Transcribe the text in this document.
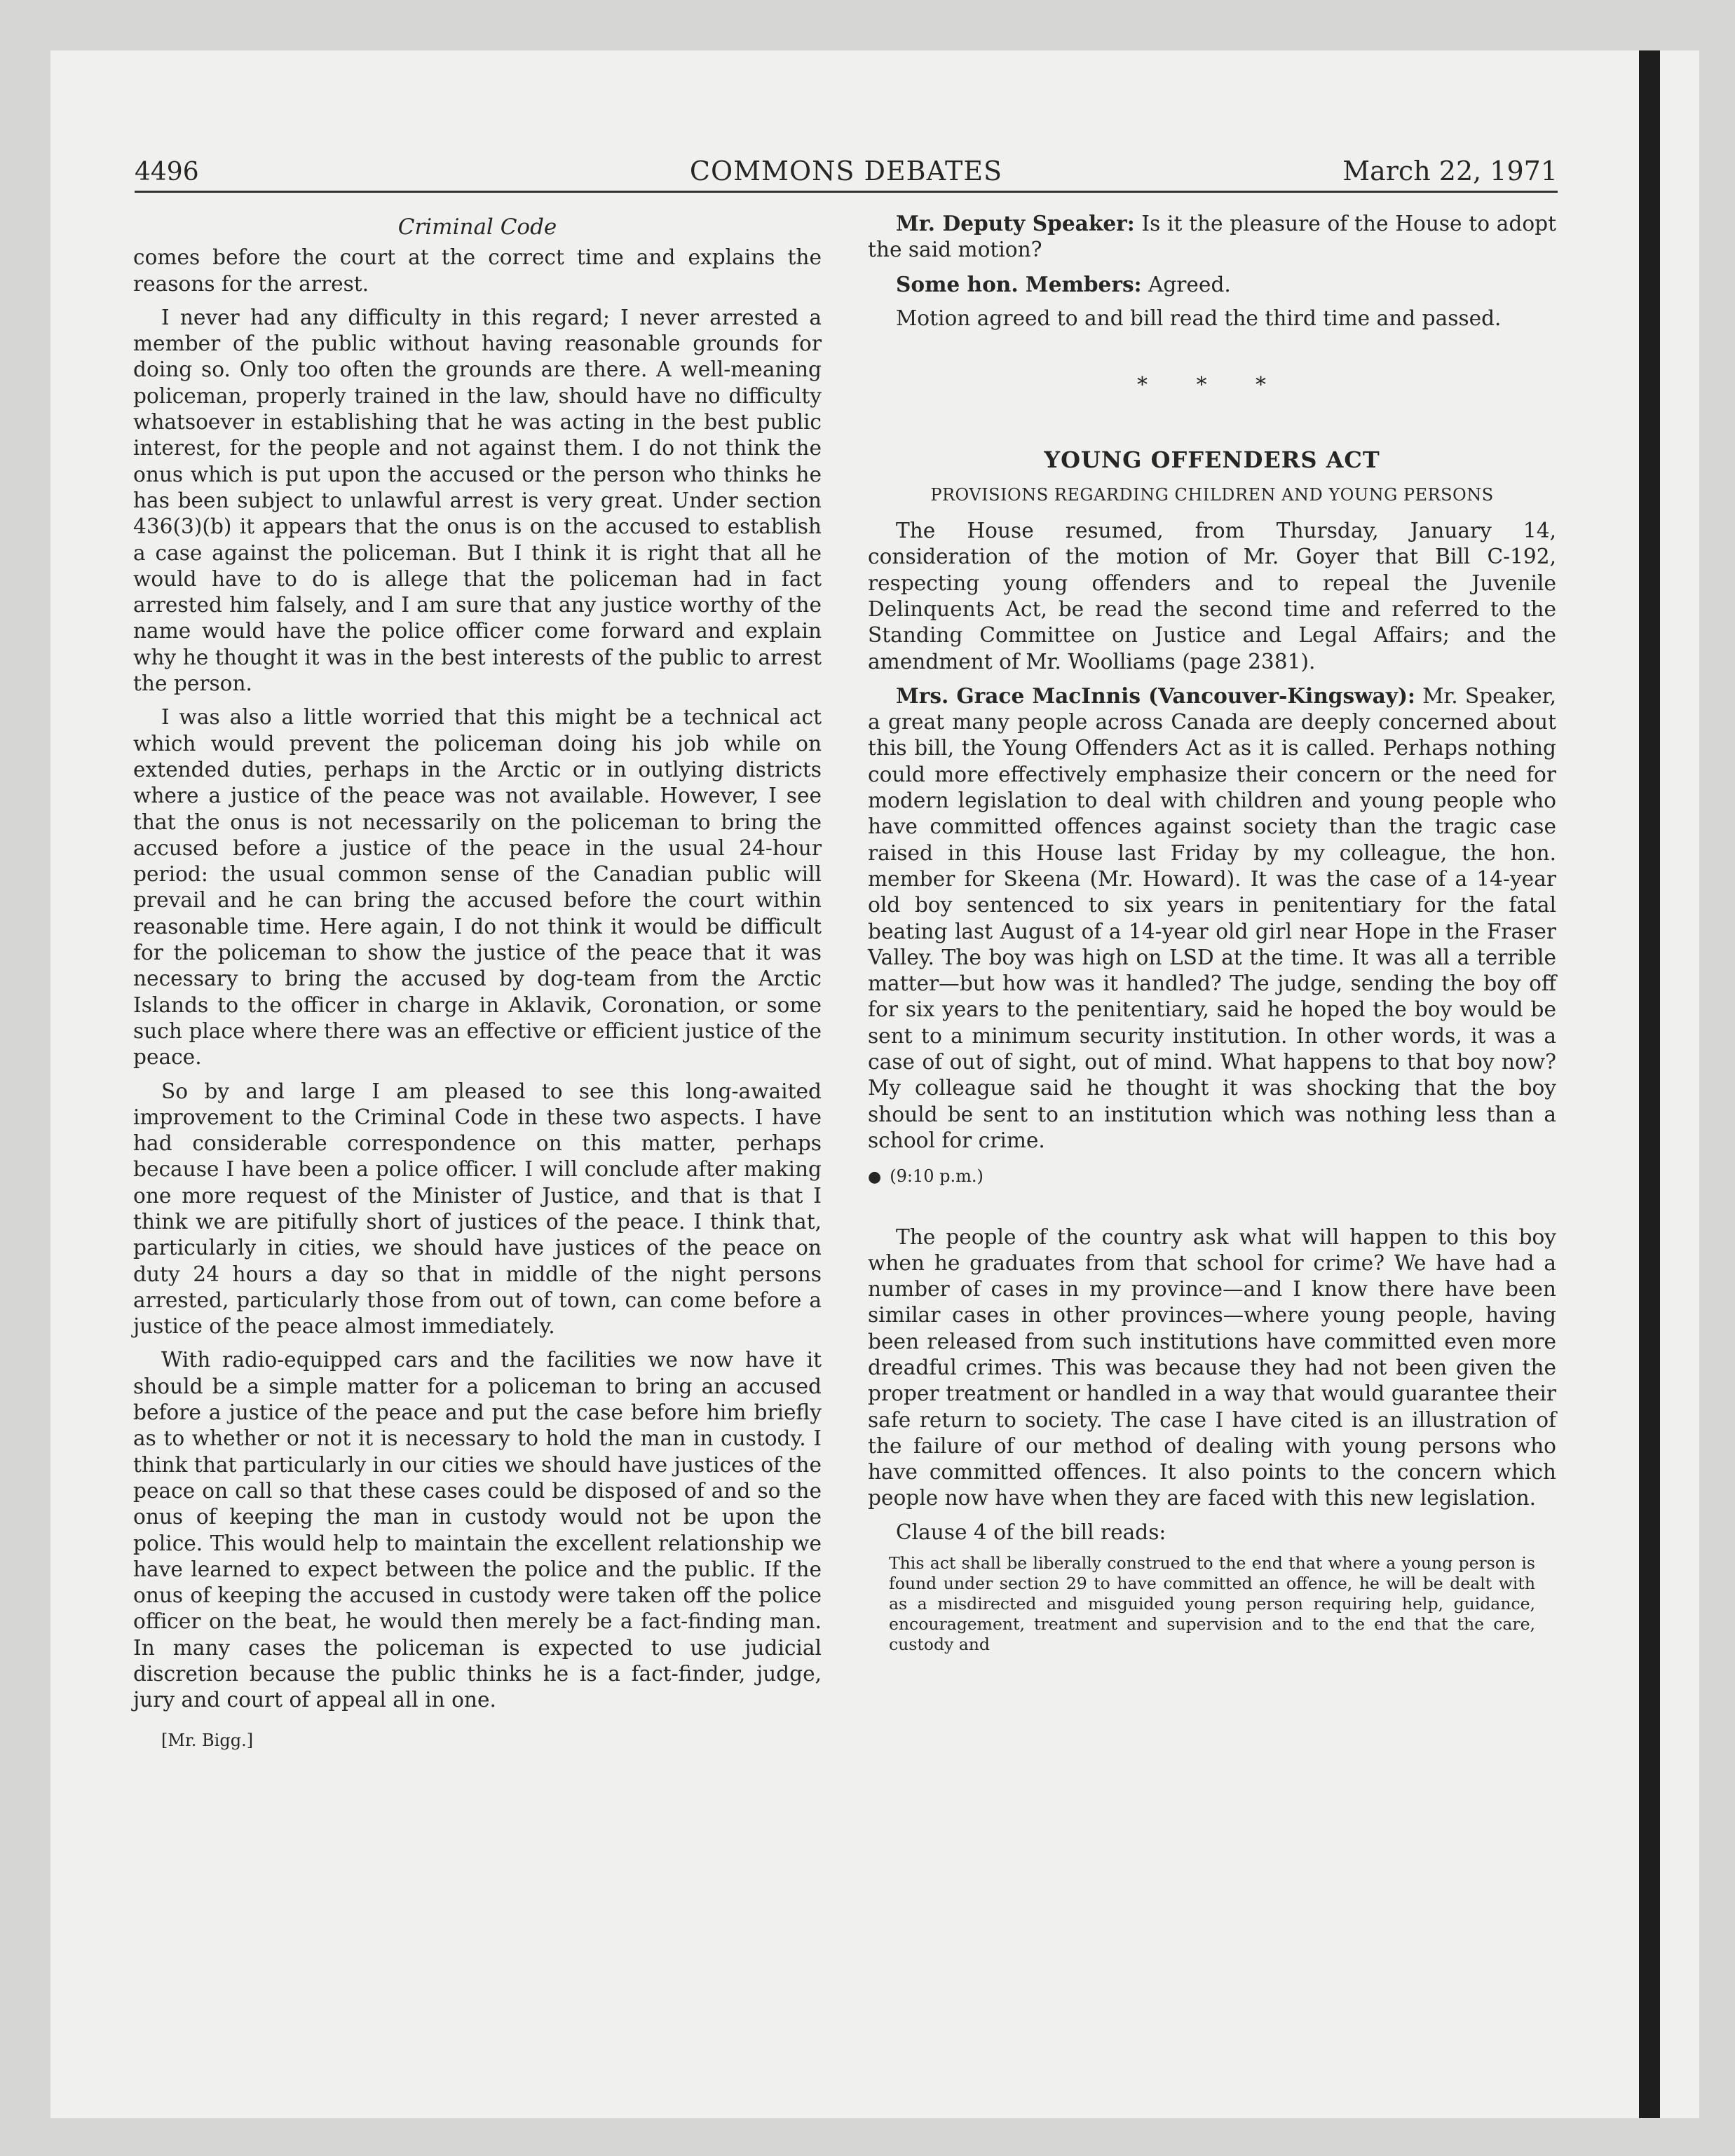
4496	COMMONS DEBATES	March 22, 1971
Criminal Code

comes before the court at the correct time and explains the reasons for the arrest.

I never had any difficulty in this regard; I never arrested a member of the public without having reasonable grounds for doing so. Only too often the grounds are there. A well-meaning policeman, properly trained in the law, should have no difficulty whatsoever in establishing that he was acting in the best public interest, for the people and not against them. I do not think the onus which is put upon the accused or the person who thinks he has been subject to unlawful arrest is very great. Under section 436(3)(b) it appears that the onus is on the accused to establish a case against the policeman. But I think it is right that all he would have to do is allege that the policeman had in fact arrested him falsely, and I am sure that any justice worthy of the name would have the police officer come forward and explain why he thought it was in the best interests of the public to arrest the person.

I was also a little worried that this might be a technical act which would prevent the policeman doing his job while on extended duties, perhaps in the Arctic or in outlying districts where a justice of the peace was not available. However, I see that the onus is not necessarily on the policeman to bring the accused before a justice of the peace in the usual 24-hour period: the usual common sense of the Canadian public will prevail and he can bring the accused before the court within reasonable time. Here again, I do not think it would be difficult for the policeman to show the justice of the peace that it was necessary to bring the accused by dog-team from the Arctic Islands to the officer in charge in Aklavik, Coronation, or some such place where there was an effective or efficient justice of the peace.

So by and large I am pleased to see this long-awaited improvement to the Criminal Code in these two aspects. I have had considerable correspondence on this matter, perhaps because I have been a police officer. I will conclude after making one more request of the Minister of Justice, and that is that I think we are pitifully short of justices of the peace. I think that, particularly in cities, we should have justices of the peace on duty 24 hours a day so that in middle of the night persons arrested, particularly those from out of town, can come before a justice of the peace almost immediately.

With radio-equipped cars and the facilities we now have it should be a simple matter for a policeman to bring an accused before a justice of the peace and put the case before him briefly as to whether or not it is necessary to hold the man in custody. I think that particularly in our cities we should have justices of the peace on call so that these cases could be disposed of and so the onus of keeping the man in custody would not be upon the police. This would help to maintain the excellent relationship we have learned to expect between the police and the public. If the onus of keeping the accused in custody were taken off the police officer on the beat, he would then merely be a fact-finding man. In many cases the policeman is expected to use judicial discretion because the public thinks he is a fact-finder, judge, jury and court of appeal all in one.

[Mr. Bigg.]

Mr. Deputy Speaker: Is it the pleasure of the House to adopt the said motion?

Some hon. Members: Agreed.

Motion agreed to and bill read the third time and passed.

* * *
YOUNG OFFENDERS ACT
PROVISIONS REGARDING CHILDREN AND YOUNG PERSONS

The House resumed, from Thursday, January 14, consideration of the motion of Mr. Goyer that Bill C-192, respecting young offenders and to repeal the Juvenile Delinquents Act, be read the second time and referred to the Standing Committee on Justice and Legal Affairs; and the amendment of Mr. Woolliams (page 2381).

Mrs. Grace MacInnis (Vancouver-Kingsway): Mr. Speaker, a great many people across Canada are deeply concerned about this bill, the Young Offenders Act as it is called. Perhaps nothing could more effectively emphasize their concern or the need for modern legislation to deal with children and young people who have committed offences against society than the tragic case raised in this House last Friday by my colleague, the hon. member for Skeena (Mr. Howard). It was the case of a 14-year old boy sentenced to six years in penitentiary for the fatal beating last August of a 14-year old girl near Hope in the Fraser Valley. The boy was high on LSD at the time. It was all a terrible matter—but how was it handled? The judge, sending the boy off for six years to the penitentiary, said he hoped the boy would be sent to a minimum security institution. In other words, it was a case of out of sight, out of mind. What happens to that boy now? My colleague said he thought it was shocking that the boy should be sent to an institution which was nothing less than a school for crime.

● (9:10 p.m.)

The people of the country ask what will happen to this boy when he graduates from that school for crime? We have had a number of cases in my province—and I know there have been similar cases in other provinces—where young people, having been released from such institutions have committed even more dreadful crimes. This was because they had not been given the proper treatment or handled in a way that would guarantee their safe return to society. The case I have cited is an illustration of the failure of our method of dealing with young persons who have committed offences. It also points to the concern which people now have when they are faced with this new legislation.

Clause 4 of the bill reads:

This act shall be liberally construed to the end that where a young person is found under section 29 to have committed an offence, he will be dealt with as a misdirected and misguided young person requiring help, guidance, encouragement, treatment and supervision and to the end that the care, custody and
